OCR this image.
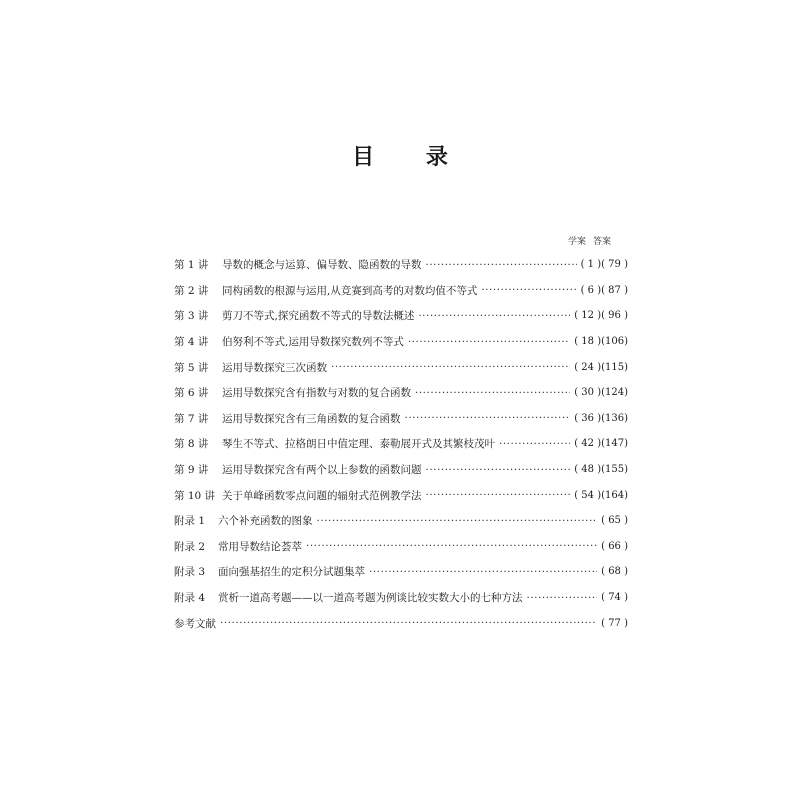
目 录
学案 答案
第 1 讲	导数的概念与运算、偏导数、隐函数的导数 ·····	( 1 )( 79 )
第 2 讲	同构函数的根源与运用,从竞赛到高考的对数均值不等式 ·····	( 6 )( 87 )
第 3 讲	剪刀不等式,探究函数不等式的导数法概述 ·····	( 12 )( 96 )
第 4 讲	伯努利不等式,运用导数探究数列不等式 ·····	( 18 )(106)
第 5 讲	运用导数探究三次函数 ·····	( 24 )(115)
第 6 讲	运用导数探究含有指数与对数的复合函数 ·····	( 30 )(124)
第 7 讲	运用导数探究含有三角函数的复合函数 ·····	( 36 )(136)
第 8 讲	琴生不等式、拉格朗日中值定理、泰勒展开式及其繁枝茂叶 ·····	( 42 )(147)
第 9 讲	运用导数探究含有两个以上参数的函数问题 ·····	( 48 )(155)
第 10 讲 关于单峰函数零点问题的辐射式范例教学法 ·····	( 54 )(164)
附录 1	六个补充函数的图象 ·····	( 65 )
附录 2	常用导数结论荟萃 ·····	( 66 )
附录 3	面向强基招生的定积分试题集萃 ·····	( 68 )
附录 4	赏析一道高考题——以一道高考题为例谈比较实数大小的七种方法 ·····	( 74 )
参考文献 ·····	( 77 )
